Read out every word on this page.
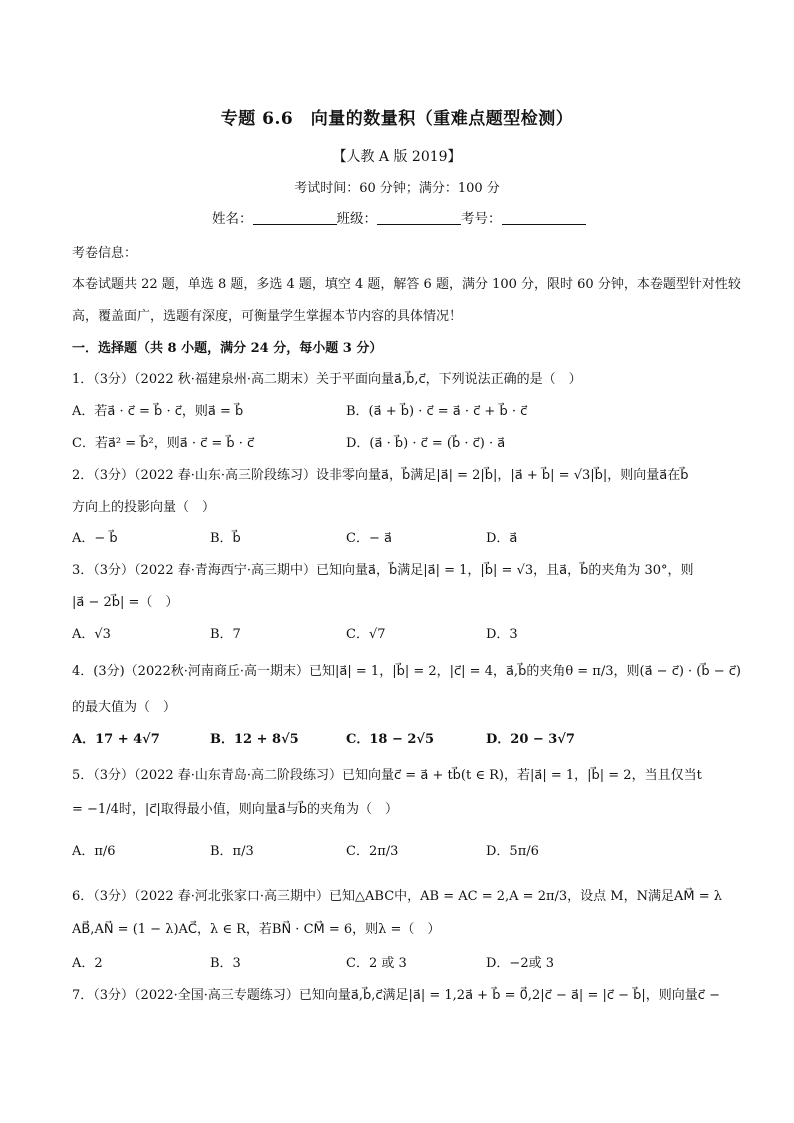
专题 6.6　向量的数量积（重难点题型检测）
【人教 A 版 2019】
考试时间：60 分钟；满分：100 分
姓名：	班级：	考号：
考卷信息：
本卷试题共 22 题，单选 8 题，多选 4 题，填空 4 题，解答 6 题，满分 100 分，限时 60 分钟，本卷题型针对性较
高，覆盖面广，选题有深度，可衡量学生掌握本节内容的具体情况！
一．选择题（共 8 小题，满分 24 分，每小题 3 分）
1．（3分）（2022 秋·福建泉州·高二期末）关于平面向量a⃗,b⃗,c⃗，下列说法正确的是（　）
A．若a⃗ · c⃗ = b⃗ · c⃗，则a⃗ = b⃗	B．(a⃗ + b⃗) · c⃗ = a⃗ · c⃗ + b⃗ · c⃗
C．若a⃗² = b⃗²，则a⃗ · c⃗ = b⃗ · c⃗	D．(a⃗ · b⃗) · c⃗ = (b⃗ · c⃗) · a⃗
2．（3分）（2022 春·山东·高三阶段练习）设非零向量a⃗，b⃗满足|a⃗| = 2|b⃗|，|a⃗ + b⃗| = √3|b⃗|，则向量a⃗在b⃗
方向上的投影向量（　）
A．− b⃗	B．b⃗	C．− a⃗	D．a⃗
3．（3分）（2022 春·青海西宁·高三期中）已知向量a⃗，b⃗满足|a⃗| = 1，|b⃗| = √3，且a⃗，b⃗的夹角为 30°，则
|a⃗ − 2b⃗| =（　）
A．√3	B．7	C．√7	D．3
4．(3分)（2022秋·河南商丘·高一期末）已知|a⃗| = 1，|b⃗| = 2，|c⃗| = 4，a⃗,b⃗的夹角θ = π/3，则(a⃗ − c⃗) · (b⃗ − c⃗)
的最大值为（　）
A．17 + 4√7	B．12 + 8√5	C．18 − 2√5	D．20 − 3√7
5．（3分）（2022 春·山东青岛·高二阶段练习）已知向量c⃗ = a⃗ + tb⃗(t ∈ R)，若|a⃗| = 1，|b⃗| = 2，当且仅当t
= −1/4时，|c⃗|取得最小值，则向量a⃗与b⃗的夹角为（　）
A．π/6	B．π/3	C．2π/3	D．5π/6
6．（3分）（2022 春·河北张家口·高三期中）已知△ABC中，AB = AC = 2,A = 2π/3，设点 M，N满足AM⃗ = λ
AB⃗,AN⃗ = (1 − λ)AC⃗，λ ∈ R，若BN⃗ · CM⃗ = 6，则λ =（　）
A．2	B．3	C．2 或 3	D．−2或 3
7．（3分）（2022·全国·高三专题练习）已知向量a⃗,b⃗,c⃗满足|a⃗| = 1,2a⃗ + b⃗ = 0⃗,2|c⃗ − a⃗| = |c⃗ − b⃗|，则向量c⃗ −
